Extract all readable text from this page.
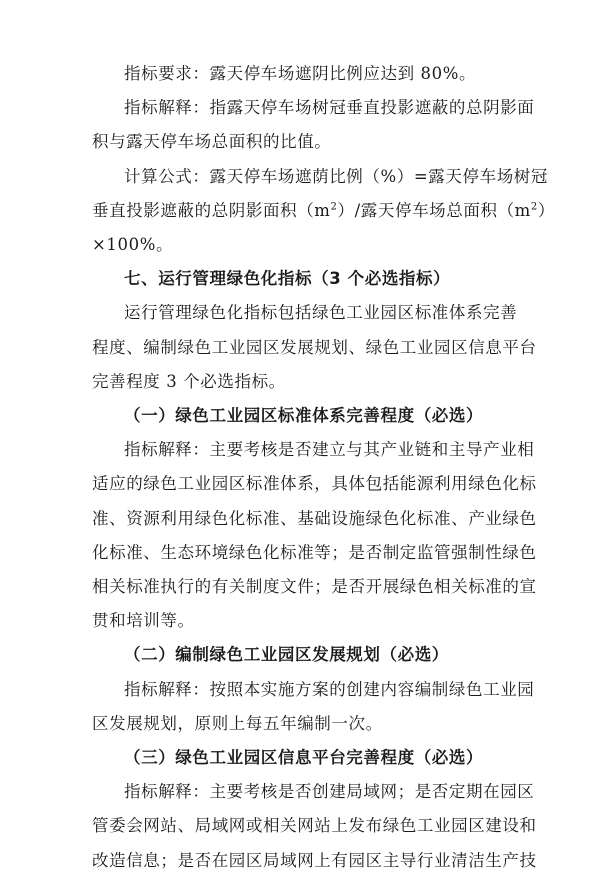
指标要求：露天停车场遮阴比例应达到 80%。
指标解释：指露天停车场树冠垂直投影遮蔽的总阴影面
积与露天停车场总面积的比值。
计算公式：露天停车场遮荫比例（%）=露天停车场树冠
垂直投影遮蔽的总阴影面积$(m^2)/$露天停车场总面积$(m^2)$
×100%。
七、运行管理绿色化指标（3 个必选指标）
运行管理绿色化指标包括绿色工业园区标准体系完善
程度、编制绿色工业园区发展规划、绿色工业园区信息平台
完善程度 3 个必选指标。
（一）绿色工业园区标准体系完善程度（必选）
指标解释：主要考核是否建立与其产业链和主导产业相
适应的绿色工业园区标准体系，具体包括能源利用绿色化标
准、资源利用绿色化标准、基础设施绿色化标准、产业绿色
化标准、生态环境绿色化标准等；是否制定监管强制性绿色
相关标准执行的有关制度文件；是否开展绿色相关标准的宣
贯和培训等。
（二）编制绿色工业园区发展规划（必选）
指标解释：按照本实施方案的创建内容编制绿色工业园
区发展规划，原则上每五年编制一次。
（三）绿色工业园区信息平台完善程度（必选）
指标解释：主要考核是否创建局域网；是否定期在园区
管委会网站、局域网或相关网站上发布绿色工业园区建设和
改造信息；是否在园区局域网上有园区主导行业清洁生产技
